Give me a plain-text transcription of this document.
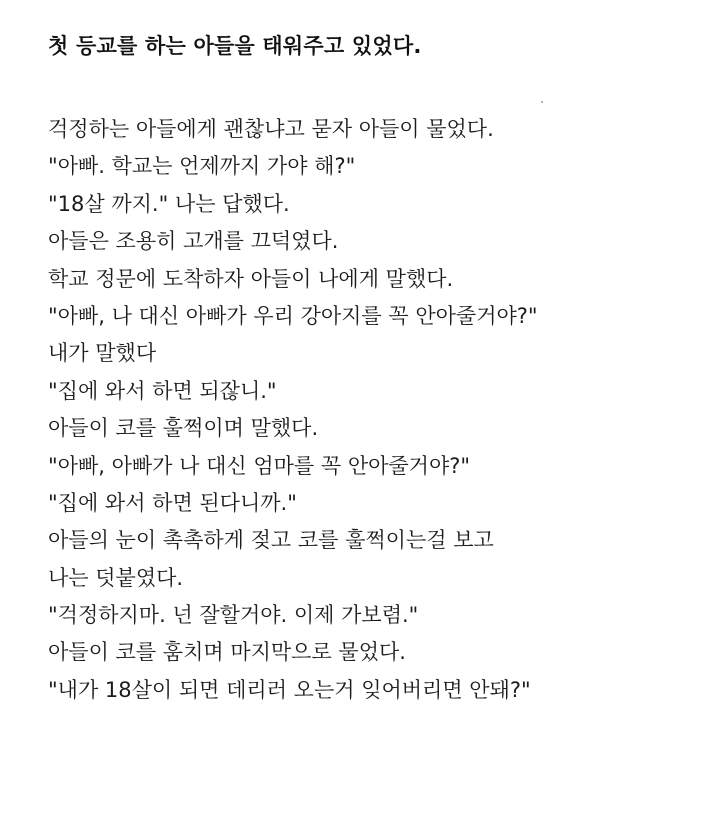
첫 등교를 하는 아들을 태워주고 있었다.
걱정하는 아들에게 괜찮냐고 묻자 아들이 물었다.
"아빠. 학교는 언제까지 가야 해?"
"18살 까지." 나는 답했다.
아들은 조용히 고개를 끄덕였다.
학교 정문에 도착하자 아들이 나에게 말했다.
"아빠, 나 대신 아빠가 우리 강아지를 꼭 안아줄거야?"
내가 말했다
"집에 와서 하면 되잖니."
아들이 코를 훌쩍이며 말했다.
"아빠, 아빠가 나 대신 엄마를 꼭 안아줄거야?"
"집에 와서 하면 된다니까."
아들의 눈이 촉촉하게 젖고 코를 훌쩍이는걸 보고
나는 덧붙였다.
"걱정하지마. 넌 잘할거야. 이제 가보렴."
아들이 코를 훔치며 마지막으로 물었다.
"내가 18살이 되면 데리러 오는거 잊어버리면 안돼?"
